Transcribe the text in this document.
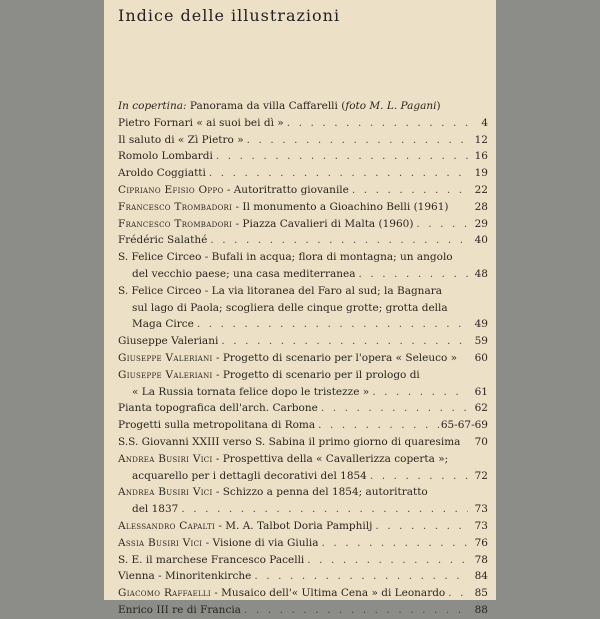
Indice delle illustrazioni
In copertina: Panorama da villa Caffarelli (foto M. L. Pagani)
Pietro Fornari « ai suoi bei dì » . . .	4
Il saluto di « Zì Pietro » . . .	12
Romolo Lombardi . . .	16
Aroldo Coggiatti . . .	19
Cipriano Efisio Oppo - Autoritratto giovanile . . .	22
Francesco Trombadori - Il monumento a Gioachino Belli (1961)	28
Francesco Trombadori - Piazza Cavalieri di Malta (1960) . . .	29
Frédéric Salathé . . .	40
S. Felice Circeo - Bufali in acqua; flora di montagna; un angolo
del vecchio paese; una casa mediterranea . . .	48
S. Felice Circeo - La via litoranea del Faro al sud; la Bagnara
sul lago di Paola; scogliera delle cinque grotte; grotta della
Maga Circe . . .	49
Giuseppe Valeriani . . .	59
Giuseppe Valeriani - Progetto di scenario per l'opera « Seleuco »	60
Giuseppe Valeriani - Progetto di scenario per il prologo di
« La Russia tornata felice dopo le tristezze » . . .	61
Pianta topografica dell'arch. Carbone . . .	62
Progetti sulla metropolitana di Roma . . .	65-67-69
S.S. Giovanni XXIII verso S. Sabina il primo giorno di quaresima	70
Andrea Busiri Vici - Prospettiva della « Cavallerizza coperta »;
acquarello per i dettagli decorativi del 1854 . . .	72
Andrea Busiri Vici - Schizzo a penna del 1854; autoritratto
del 1837 . . .	73
Alessandro Capalti - M. A. Talbot Doria Pamphilj . . .	73
Assia Busiri Vici - Visione di via Giulia . . .	76
S. E. il marchese Francesco Pacelli . . .	78
Vienna - Minoritenkirche . . .	84
Giacomo Raffaelli - Musaico dell'« Ultima Cena » di Leonardo . . .	85
Enrico III re di Francia . . .	88
